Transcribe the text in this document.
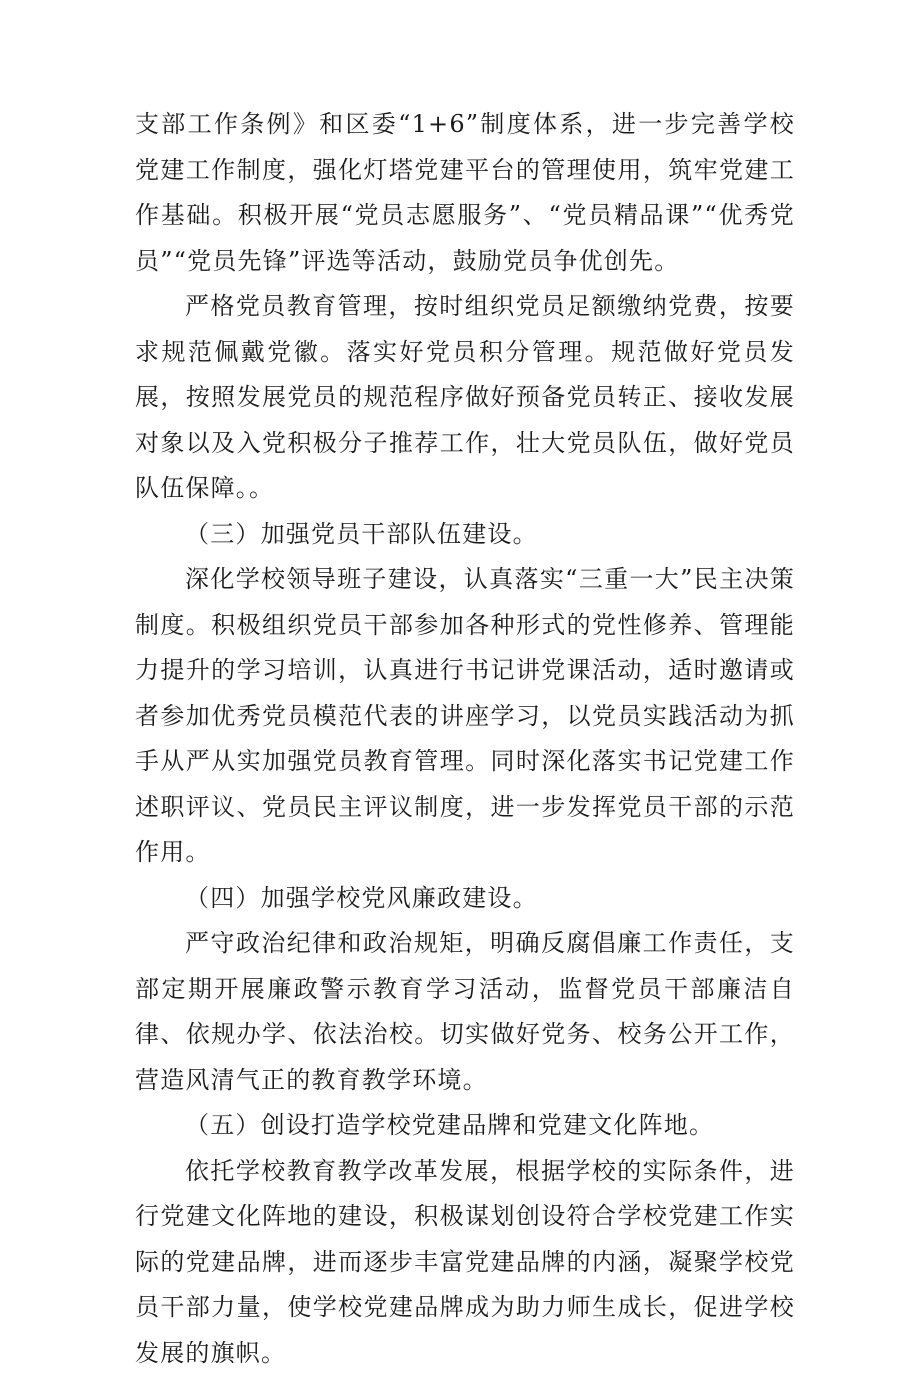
支部工作条例》和区委“1+6”制度体系，进一步完善学校党建工作制度，强化灯塔党建平台的管理使用，筑牢党建工作基础。积极开展“党员志愿服务”、“党员精品课”“优秀党员”“党员先锋”评选等活动，鼓励党员争优创先。

严格党员教育管理，按时组织党员足额缴纳党费，按要求规范佩戴党徽。落实好党员积分管理。规范做好党员发展，按照发展党员的规范程序做好预备党员转正、接收发展对象以及入党积极分子推荐工作，壮大党员队伍，做好党员队伍保障。。

（三）加强党员干部队伍建设。

深化学校领导班子建设，认真落实“三重一大”民主决策制度。积极组织党员干部参加各种形式的党性修养、管理能力提升的学习培训，认真进行书记讲党课活动，适时邀请或者参加优秀党员模范代表的讲座学习，以党员实践活动为抓手从严从实加强党员教育管理。同时深化落实书记党建工作述职评议、党员民主评议制度，进一步发挥党员干部的示范作用。

（四）加强学校党风廉政建设。

严守政治纪律和政治规矩，明确反腐倡廉工作责任，支部定期开展廉政警示教育学习活动，监督党员干部廉洁自律、依规办学、依法治校。切实做好党务、校务公开工作，营造风清气正的教育教学环境。

（五）创设打造学校党建品牌和党建文化阵地。

依托学校教育教学改革发展，根据学校的实际条件，进行党建文化阵地的建设，积极谋划创设符合学校党建工作实际的党建品牌，进而逐步丰富党建品牌的内涵，凝聚学校党员干部力量，使学校党建品牌成为助力师生成长，促进学校发展的旗帜。
